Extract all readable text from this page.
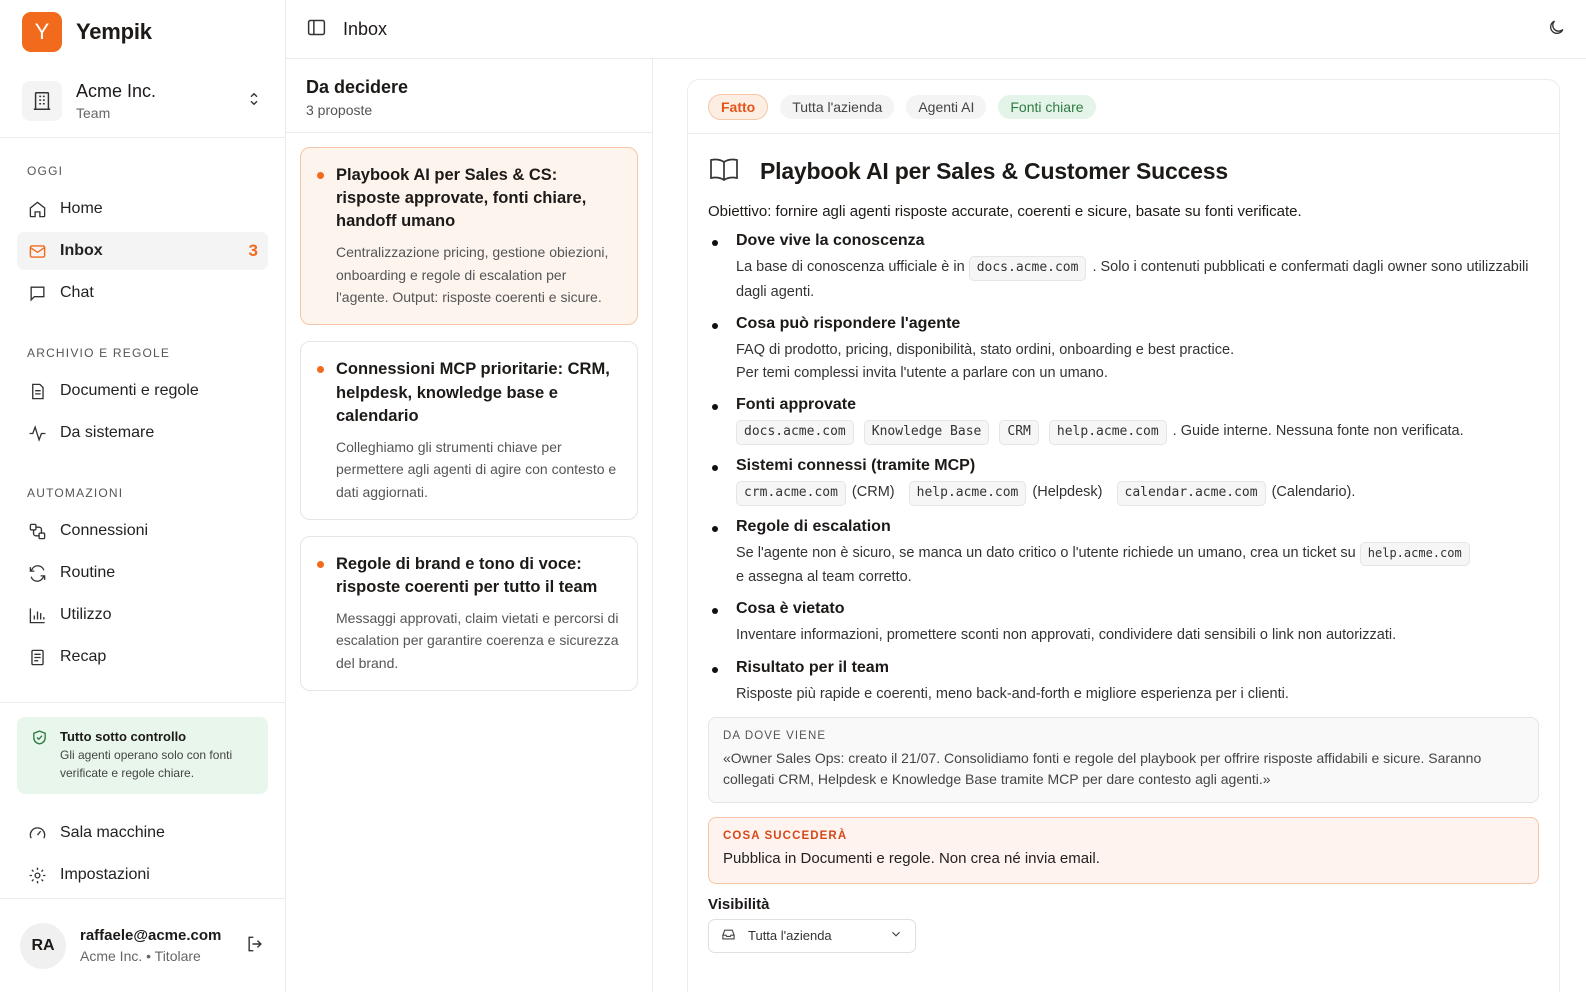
Y	Yempik
Acme Inc.
Team
OGGI
Home
Inbox	3
Chat
ARCHIVIO E REGOLE
Documenti e regole
Da sistemare
AUTOMAZIONI
Connessioni
Routine
Utilizzo
Recap
Tutto sotto controllo
Gli agenti operano solo con fonti verificate e regole chiare.
Sala macchine
Impostazioni
RA
raffaele@acme.com
Acme Inc. • Titolare
Inbox
Da decidere
3 proposte
Playbook AI per Sales & CS: risposte approvate, fonti chiare, handoff umano
Centralizzazione pricing, gestione obiezioni, onboarding e regole di escalation per l'agente. Output: risposte coerenti e sicure.
Connessioni MCP prioritarie: CRM, helpdesk, knowledge base e calendario
Colleghiamo gli strumenti chiave per permettere agli agenti di agire con contesto e dati aggiornati.
Regole di brand e tono di voce: risposte coerenti per tutto il team
Messaggi approvati, claim vietati e percorsi di escalation per garantire coerenza e sicurezza del brand.
Fatto	Tutta l'azienda	Agenti AI	Fonti chiare
Playbook AI per Sales & Customer Success
Obiettivo: fornire agli agenti risposte accurate, coerenti e sicure, basate su fonti verificate.
Dove vive la conoscenza
La base di conoscenza ufficiale è in docs.acme.com . Solo i contenuti pubblicati e confermati dagli owner sono utilizzabili dagli agenti.
Cosa può rispondere l'agente
FAQ di prodotto, pricing, disponibilità, stato ordini, onboarding e best practice.
Per temi complessi invita l'utente a parlare con un umano.
Fonti approvate
docs.acme.com Knowledge Base CRM help.acme.com . Guide interne. Nessuna fonte non verificata.
Sistemi connessi (tramite MCP)
crm.acme.com (CRM) help.acme.com (Helpdesk) calendar.acme.com (Calendario).
Regole di escalation
Se l'agente non è sicuro, se manca un dato critico o l'utente richiede un umano, crea un ticket su help.acme.com
e assegna al team corretto.
Cosa è vietato
Inventare informazioni, promettere sconti non approvati, condividere dati sensibili o link non autorizzati.
Risultato per il team
Risposte più rapide e coerenti, meno back-and-forth e migliore esperienza per i clienti.
DA DOVE VIENE
«Owner Sales Ops: creato il 21/07. Consolidiamo fonti e regole del playbook per offrire risposte affidabili e sicure. Saranno collegati CRM, Helpdesk e Knowledge Base tramite MCP per dare contesto agli agenti.»
COSA SUCCEDERÀ
Pubblica in Documenti e regole. Non crea né invia email.
Visibilità
Tutta l'azienda
